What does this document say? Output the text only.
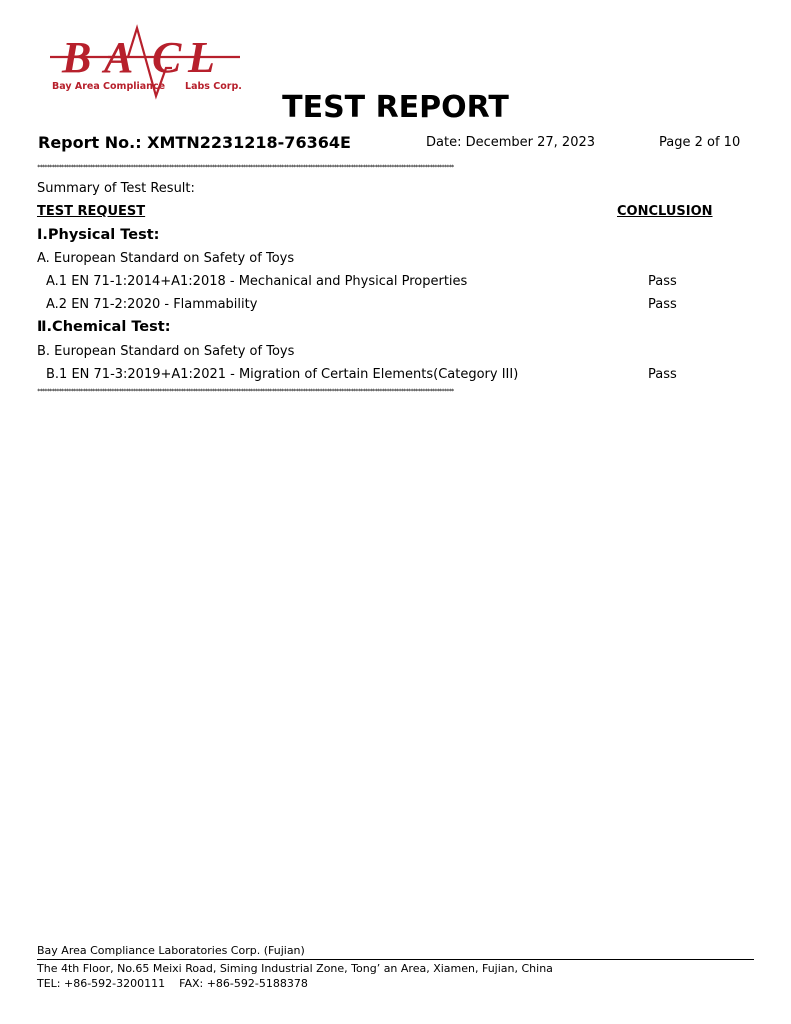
B A C L
Bay Area Compliance Labs Corp.
TEST REPORT
Report No.: XMTN2231218-76364E	Date: December 27, 2023	Page 2 of 10
******************************************************************************************************************************************************************************
Summary of Test Result:
TEST REQUEST	CONCLUSION
Ⅰ.Physical Test:
A. European Standard on Safety of Toys
A.1 EN 71-1:2014+A1:2018 - Mechanical and Physical Properties	Pass
A.2 EN 71-2:2020 - Flammability	Pass
Ⅱ.Chemical Test:
B. European Standard on Safety of Toys
B.1 EN 71-3:2019+A1:2021 - Migration of Certain Elements(Category III)	Pass
******************************************************************************************************************************************************************************
Bay Area Compliance Laboratories Corp. (Fujian)
The 4th Floor, No.65 Meixi Road, Siming Industrial Zone, Tong’ an Area, Xiamen, Fujian, China
TEL: +86-592-3200111    FAX: +86-592-5188378
